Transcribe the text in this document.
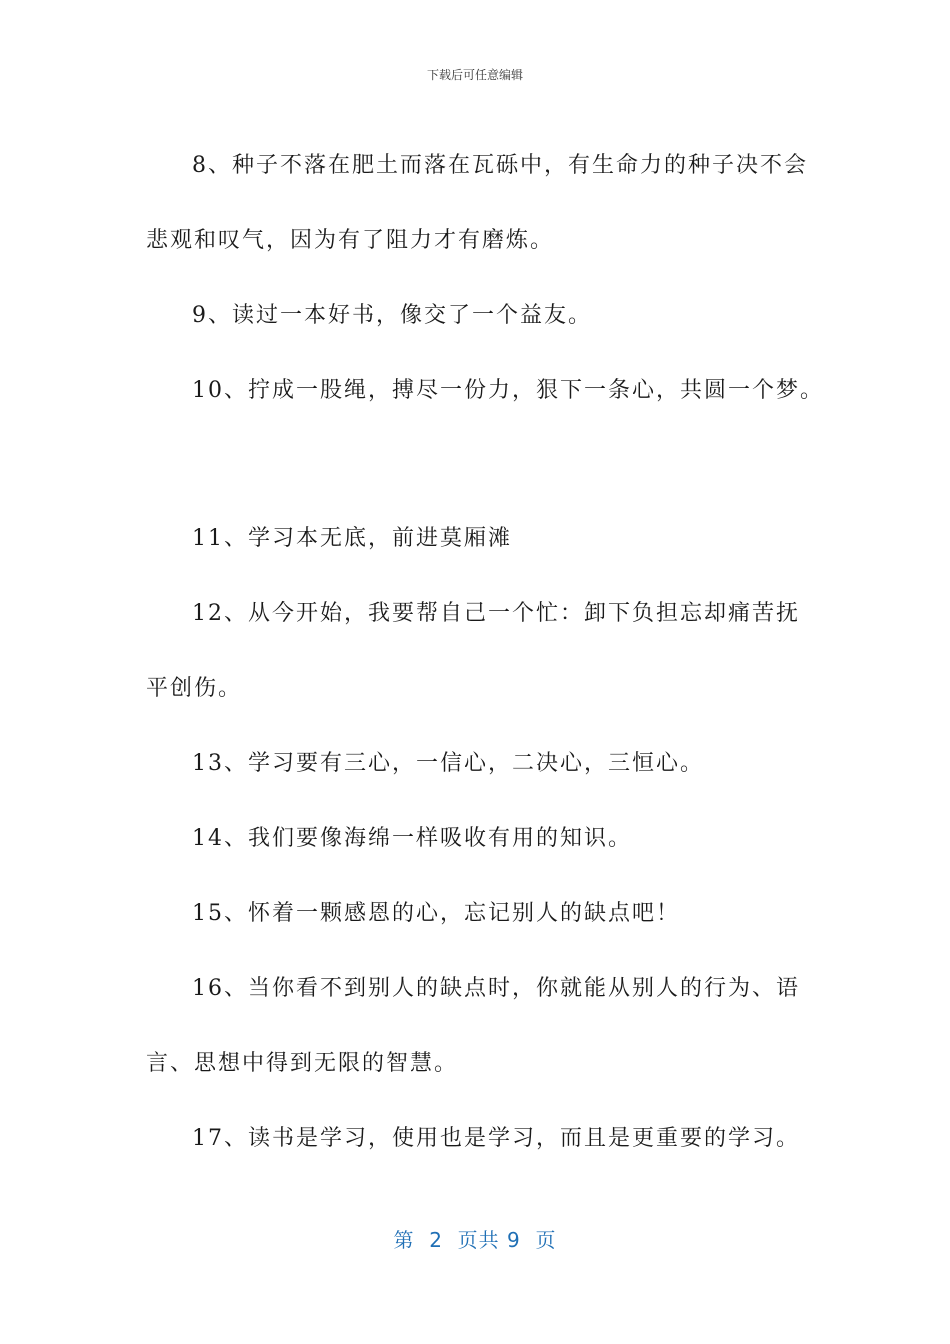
下载后可任意编辑

8、种子不落在肥土而落在瓦砾中，有生命力的种子决不会

悲观和叹气，因为有了阻力才有磨炼。

9、读过一本好书，像交了一个益友。

10、拧成一股绳，搏尽一份力，狠下一条心，共圆一个梦。

11、学习本无底，前进莫厢滩

12、从今开始，我要帮自己一个忙：卸下负担忘却痛苦抚

平创伤。

13、学习要有三心，一信心，二决心，三恒心。

14、我们要像海绵一样吸收有用的知识。

15、怀着一颗感恩的心，忘记别人的缺点吧！

16、当你看不到别人的缺点时，你就能从别人的行为、语

言、思想中得到无限的智慧。

17、读书是学习，使用也是学习，而且是更重要的学习。

第  2  页共 9  页
